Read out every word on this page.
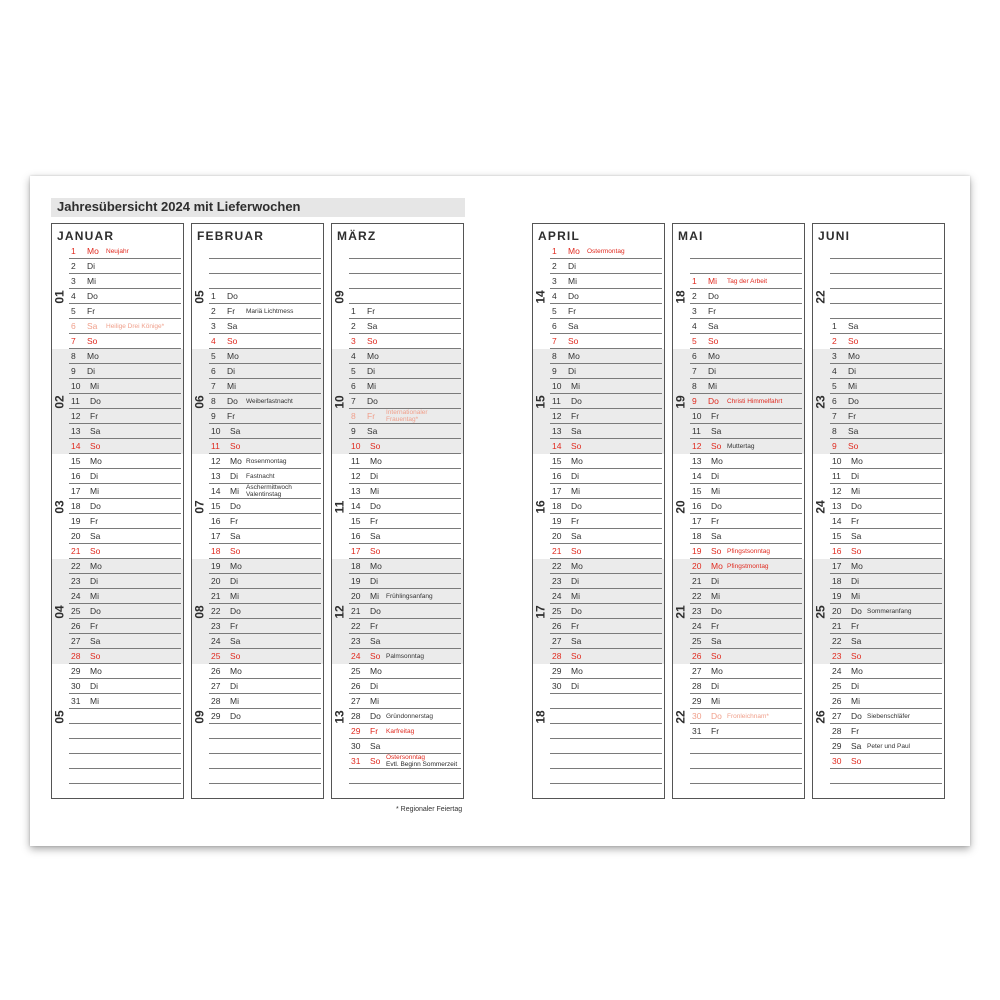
Jahresübersicht 2024 mit Lieferwochen
JANUAR
01
02
03
04
05
1 Mo Neujahr
2 Di
3 Mi
4 Do
5 Fr
6 Sa Heilige Drei Könige*
7 So
8 Mo
9 Di
10 Mi
11 Do
12 Fr
13 Sa
14 So
15 Mo
16 Di
17 Mi
18 Do
19 Fr
20 Sa
21 So
22 Mo
23 Di
24 Mi
25 Do
26 Fr
27 Sa
28 So
29 Mo
30 Di
31 Mi
FEBRUAR
05
06
07
08
09
1 Do
2 Fr Mariä Lichtmess
3 Sa
4 So
5 Mo
6 Di
7 Mi
8 Do Weiberfastnacht
9 Fr
10 Sa
11 So
12 Mo Rosenmontag
13 Di Fastnacht
14 Mi Aschermittwoch
Valentinstag
15 Do
16 Fr
17 Sa
18 So
19 Mo
20 Di
21 Mi
22 Do
23 Fr
24 Sa
25 So
26 Mo
27 Di
28 Mi
29 Do
MÄRZ
09
10
11
12
13
1 Fr
2 Sa
3 So
4 Mo
5 Di
6 Mi
7 Do
8 Fr Internationaler
Frauentag*
9 Sa
10 So
11 Mo
12 Di
13 Mi
14 Do
15 Fr
16 Sa
17 So
18 Mo
19 Di
20 Mi Frühlingsanfang
21 Do
22 Fr
23 Sa
24 So Palmsonntag
25 Mo
26 Di
27 Mi
28 Do Gründonnerstag
29 Fr Karfreitag
30 Sa
31 So Ostersonntag
Evtl. Beginn Sommerzeit
APRIL
14
15
16
17
18
1 Mo Ostermontag
2 Di
3 Mi
4 Do
5 Fr
6 Sa
7 So
8 Mo
9 Di
10 Mi
11 Do
12 Fr
13 Sa
14 So
15 Mo
16 Di
17 Mi
18 Do
19 Fr
20 Sa
21 So
22 Mo
23 Di
24 Mi
25 Do
26 Fr
27 Sa
28 So
29 Mo
30 Di
MAI
18
19
20
21
22
1 Mi Tag der Arbeit
2 Do
3 Fr
4 Sa
5 So
6 Mo
7 Di
8 Mi
9 Do Christi Himmelfahrt
10 Fr
11 Sa
12 So Muttertag
13 Mo
14 Di
15 Mi
16 Do
17 Fr
18 Sa
19 So Pfingstsonntag
20 Mo Pfingstmontag
21 Di
22 Mi
23 Do
24 Fr
25 Sa
26 So
27 Mo
28 Di
29 Mi
30 Do Fronleichnam*
31 Fr
JUNI
22
23
24
25
26
1 Sa
2 So
3 Mo
4 Di
5 Mi
6 Do
7 Fr
8 Sa
9 So
10 Mo
11 Di
12 Mi
13 Do
14 Fr
15 Sa
16 So
17 Mo
18 Di
19 Mi
20 Do Sommeranfang
21 Fr
22 Sa
23 So
24 Mo
25 Di
26 Mi
27 Do Siebenschläfer
28 Fr
29 Sa Peter und Paul
30 So
* Regionaler Feiertag
